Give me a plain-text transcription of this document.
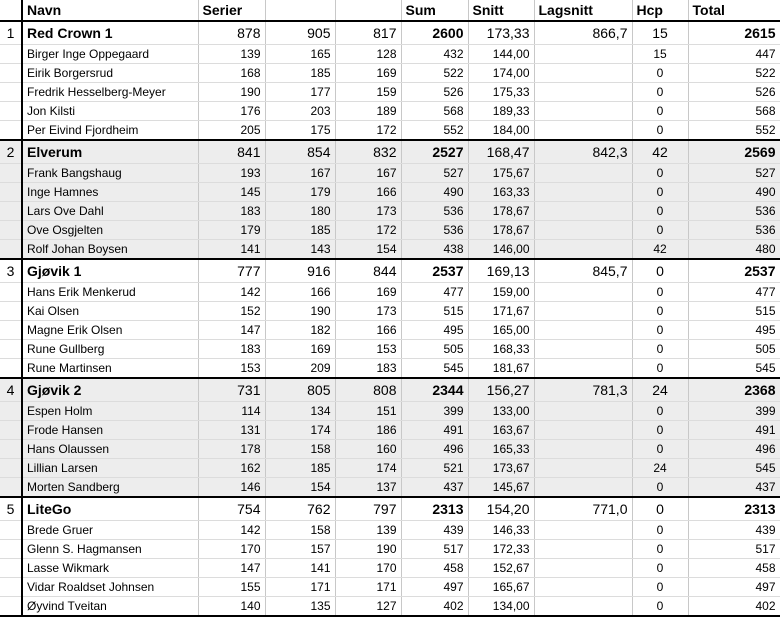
	Navn	Serier			Sum	Snitt	Lagsnitt	Hcp	Total
1	Red Crown 1	878	905	817	2600	173,33	866,7	15	2615
	Birger Inge Oppegaard	139	165	128	432	144,00		15	447
	Eirik Borgersrud	168	185	169	522	174,00		0	522
	Fredrik Hesselberg-Meyer	190	177	159	526	175,33		0	526
	Jon Kilsti	176	203	189	568	189,33		0	568
	Per Eivind Fjordheim	205	175	172	552	184,00		0	552
2	Elverum	841	854	832	2527	168,47	842,3	42	2569
	Frank Bangshaug	193	167	167	527	175,67		0	527
	Inge Hamnes	145	179	166	490	163,33		0	490
	Lars Ove Dahl	183	180	173	536	178,67		0	536
	Ove Osgjelten	179	185	172	536	178,67		0	536
	Rolf Johan Boysen	141	143	154	438	146,00		42	480
3	Gjøvik 1	777	916	844	2537	169,13	845,7	0	2537
	Hans Erik Menkerud	142	166	169	477	159,00		0	477
	Kai Olsen	152	190	173	515	171,67		0	515
	Magne Erik Olsen	147	182	166	495	165,00		0	495
	Rune Gullberg	183	169	153	505	168,33		0	505
	Rune Martinsen	153	209	183	545	181,67		0	545
4	Gjøvik 2	731	805	808	2344	156,27	781,3	24	2368
	Espen Holm	114	134	151	399	133,00		0	399
	Frode Hansen	131	174	186	491	163,67		0	491
	Hans Olaussen	178	158	160	496	165,33		0	496
	Lillian Larsen	162	185	174	521	173,67		24	545
	Morten Sandberg	146	154	137	437	145,67		0	437
5	LiteGo	754	762	797	2313	154,20	771,0	0	2313
	Brede Gruer	142	158	139	439	146,33		0	439
	Glenn S. Hagmansen	170	157	190	517	172,33		0	517
	Lasse Wikmark	147	141	170	458	152,67		0	458
	Vidar Roaldset Johnsen	155	171	171	497	165,67		0	497
	Øyvind Tveitan	140	135	127	402	134,00		0	402
